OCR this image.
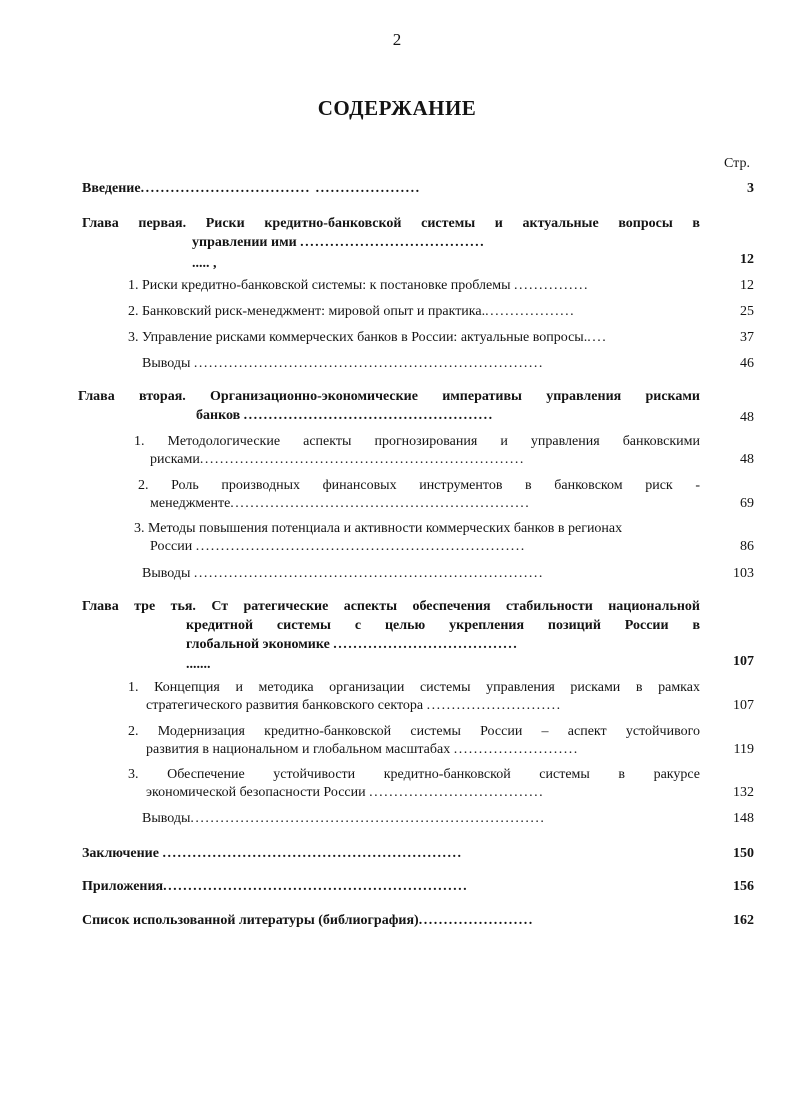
2
СОДЕРЖАНИЕ
Стр.
Введение.................................. .....................	3
Глава первая. Риски кредитно-банковской системы и актуальные вопросы в
управлении ими .....................................
..... ,	12
1. Риски кредитно-банковской системы: к постановке проблемы ...............	12
2. Банковский риск-менеджмент: мировой опыт и практика...................	25
3. Управление рисками коммерческих банков в России: актуальные вопросы.....	37
Выводы ......................................................................	46
Глава вторая. Организационно-экономические императивы управления рисками
банков ..................................................	48
1. Методологические аспекты прогнозирования и управления банковскими
рисками.................................................................	48
2. Роль производных финансовых инструментов в банковском риск -
менеджменте............................................................	69
3. Методы повышения потенциала и активности коммерческих банков в регионах
России ..................................................................	86
Выводы ......................................................................	103
Глава тре тья. Ст ратегические аспекты обеспечения стабильности национальной
кредитной системы с целью укрепления позиций России в
глобальной экономике .....................................
.......	107
1. Концепция и методика организации системы управления рисками в рамках
стратегического развития банковского сектора ...........................	107
2. Модернизация кредитно-банковской системы России – аспект устойчивого
развития в национальном и глобальном масштабах .........................	119
3. Обеспечение устойчивости кредитно-банковской системы в ракурсе
экономической безопасности России ...................................	132
Выводы.......................................................................	148
Заключение ............................................................	150
Приложения.............................................................	156
Список использованной литературы (библиография).......................	162
